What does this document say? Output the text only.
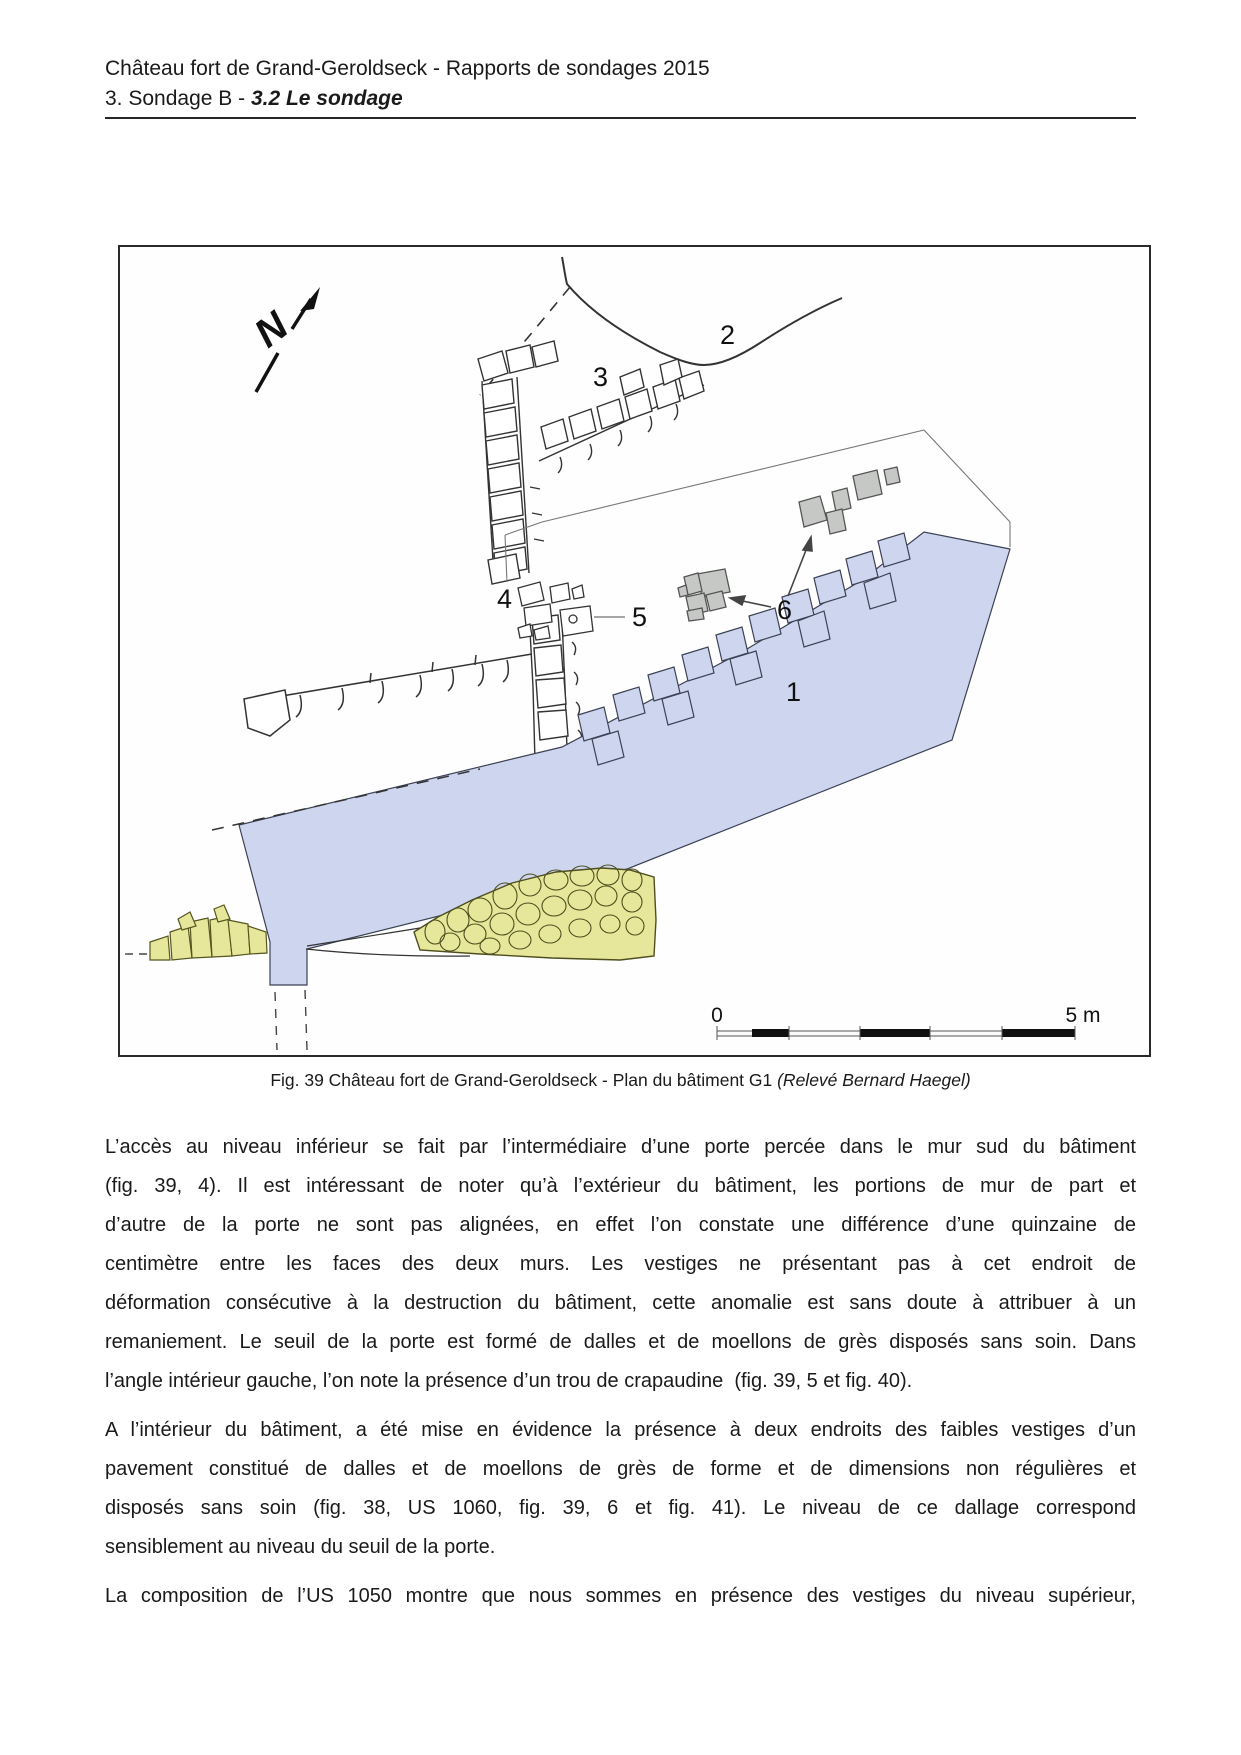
Château fort de Grand-Geroldseck - Rapports de sondages 2015
3. Sondage B - 3.2 Le sondage
N
1
2
3
4
5	6
0	5 m
Fig. 39 Château fort de Grand-Geroldseck - Plan du bâtiment G1 (Relevé Bernard Haegel)
L’accès au niveau inférieur se fait par l’intermédiaire d’une porte percée dans le mur sud du bâtiment
(fig. 39, 4). Il est intéressant de noter qu’à l’extérieur du bâtiment, les portions de mur de part et
d’autre de la porte ne sont pas alignées, en effet l’on constate une différence d’une quinzaine de
centimètre entre les faces des deux murs. Les vestiges ne présentant pas à cet endroit de
déformation consécutive à la destruction du bâtiment, cette anomalie est sans doute à attribuer à un
remaniement. Le seuil de la porte est formé de dalles et de moellons de grès disposés sans soin. Dans
l’angle intérieur gauche, l’on note la présence d’un trou de crapaudine  (fig. 39, 5 et fig. 40).
A l’intérieur du bâtiment, a été mise en évidence la présence à deux endroits des faibles vestiges d’un
pavement constitué de dalles et de moellons de grès de forme et de dimensions non régulières et
disposés sans soin (fig. 38, US 1060, fig. 39, 6 et fig. 41). Le niveau de ce dallage correspond
sensiblement au niveau du seuil de la porte.
La composition de l’US 1050 montre que nous sommes en présence des vestiges du niveau supérieur,
